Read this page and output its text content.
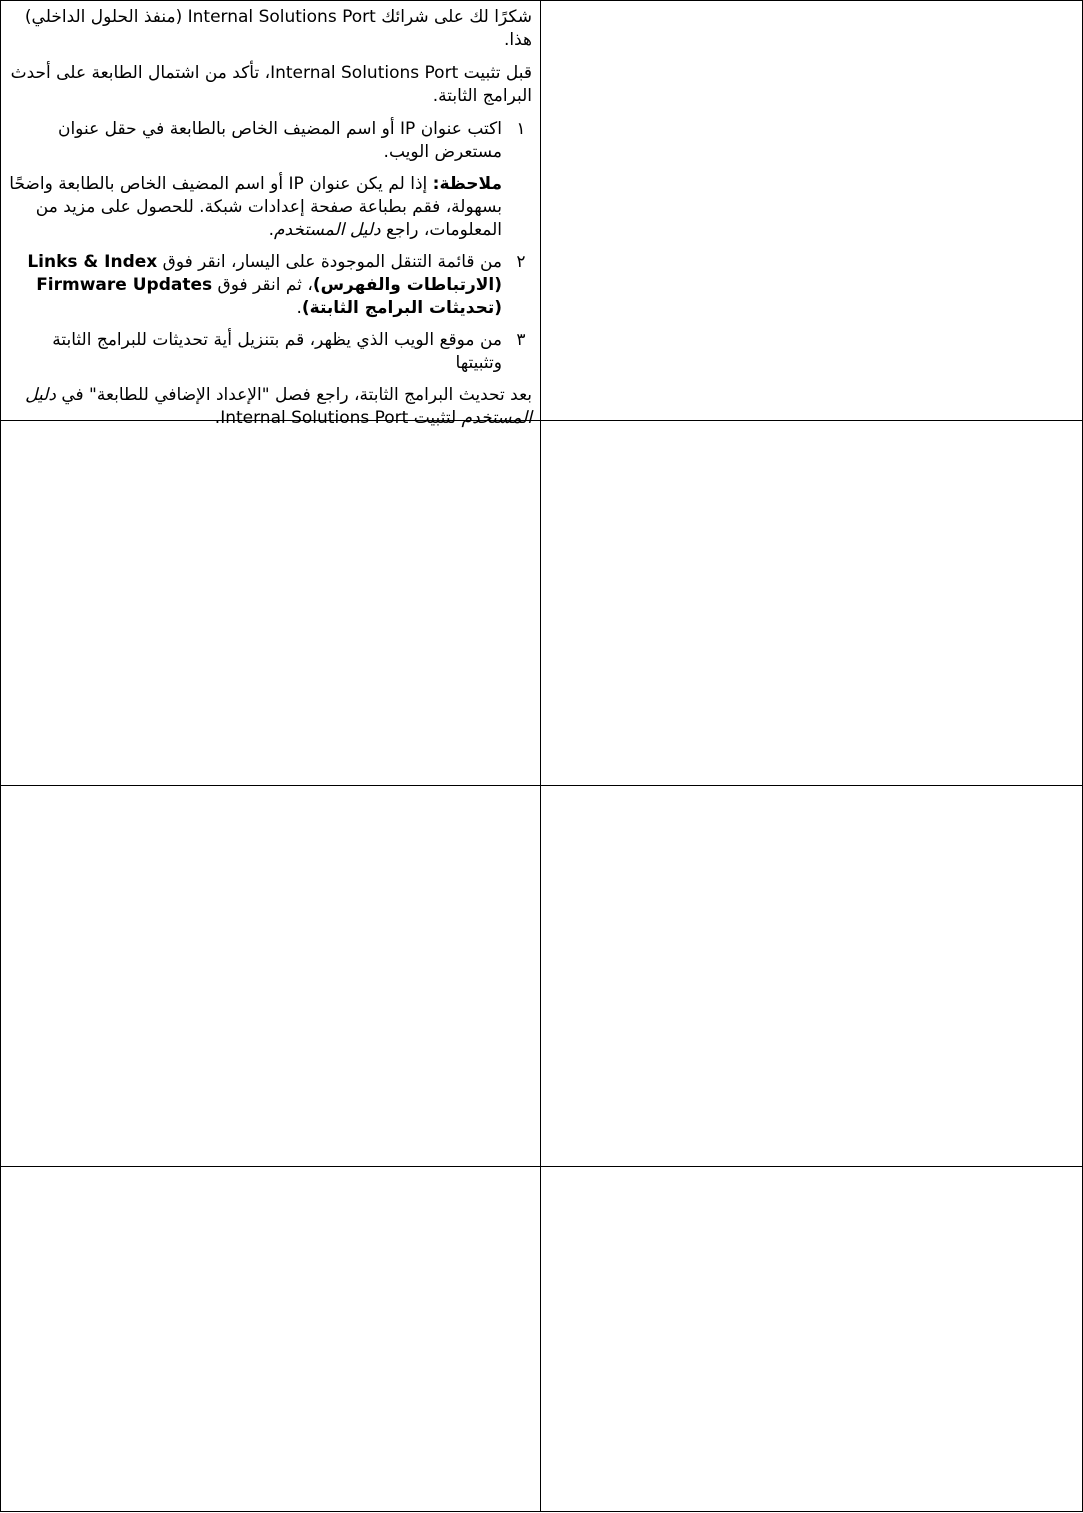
شكرًا لك على شرائك Internal Solutions Port (منفذ الحلول الداخلي) هذا.

قبل تثبيت Internal Solutions Port، تأكد من اشتمال الطابعة على أحدث البرامج الثابتة.

١
اكتب عنوان IP أو اسم المضيف الخاص بالطابعة في حقل عنوان مستعرض الويب.
ملاحظة: إذا لم يكن عنوان IP أو اسم المضيف الخاص بالطابعة واضحًا بسهولة، فقم بطباعة صفحة إعدادات شبكة. للحصول على مزيد من المعلومات، راجع دليل المستخدم.
٢
من قائمة التنقل الموجودة على اليسار، انقر فوق Links & Index (الارتباطات والفهرس)، ثم انقر فوق Firmware Updates (تحديثات البرامج الثابتة).
٣
من موقع الويب الذي يظهر، قم بتنزيل أية تحديثات للبرامج الثابتة وتثبيتها

بعد تحديث البرامج الثابتة، راجع فصل "الإعداد الإضافي للطابعة" في دليل المستخدم لتثبيت Internal Solutions Port.
